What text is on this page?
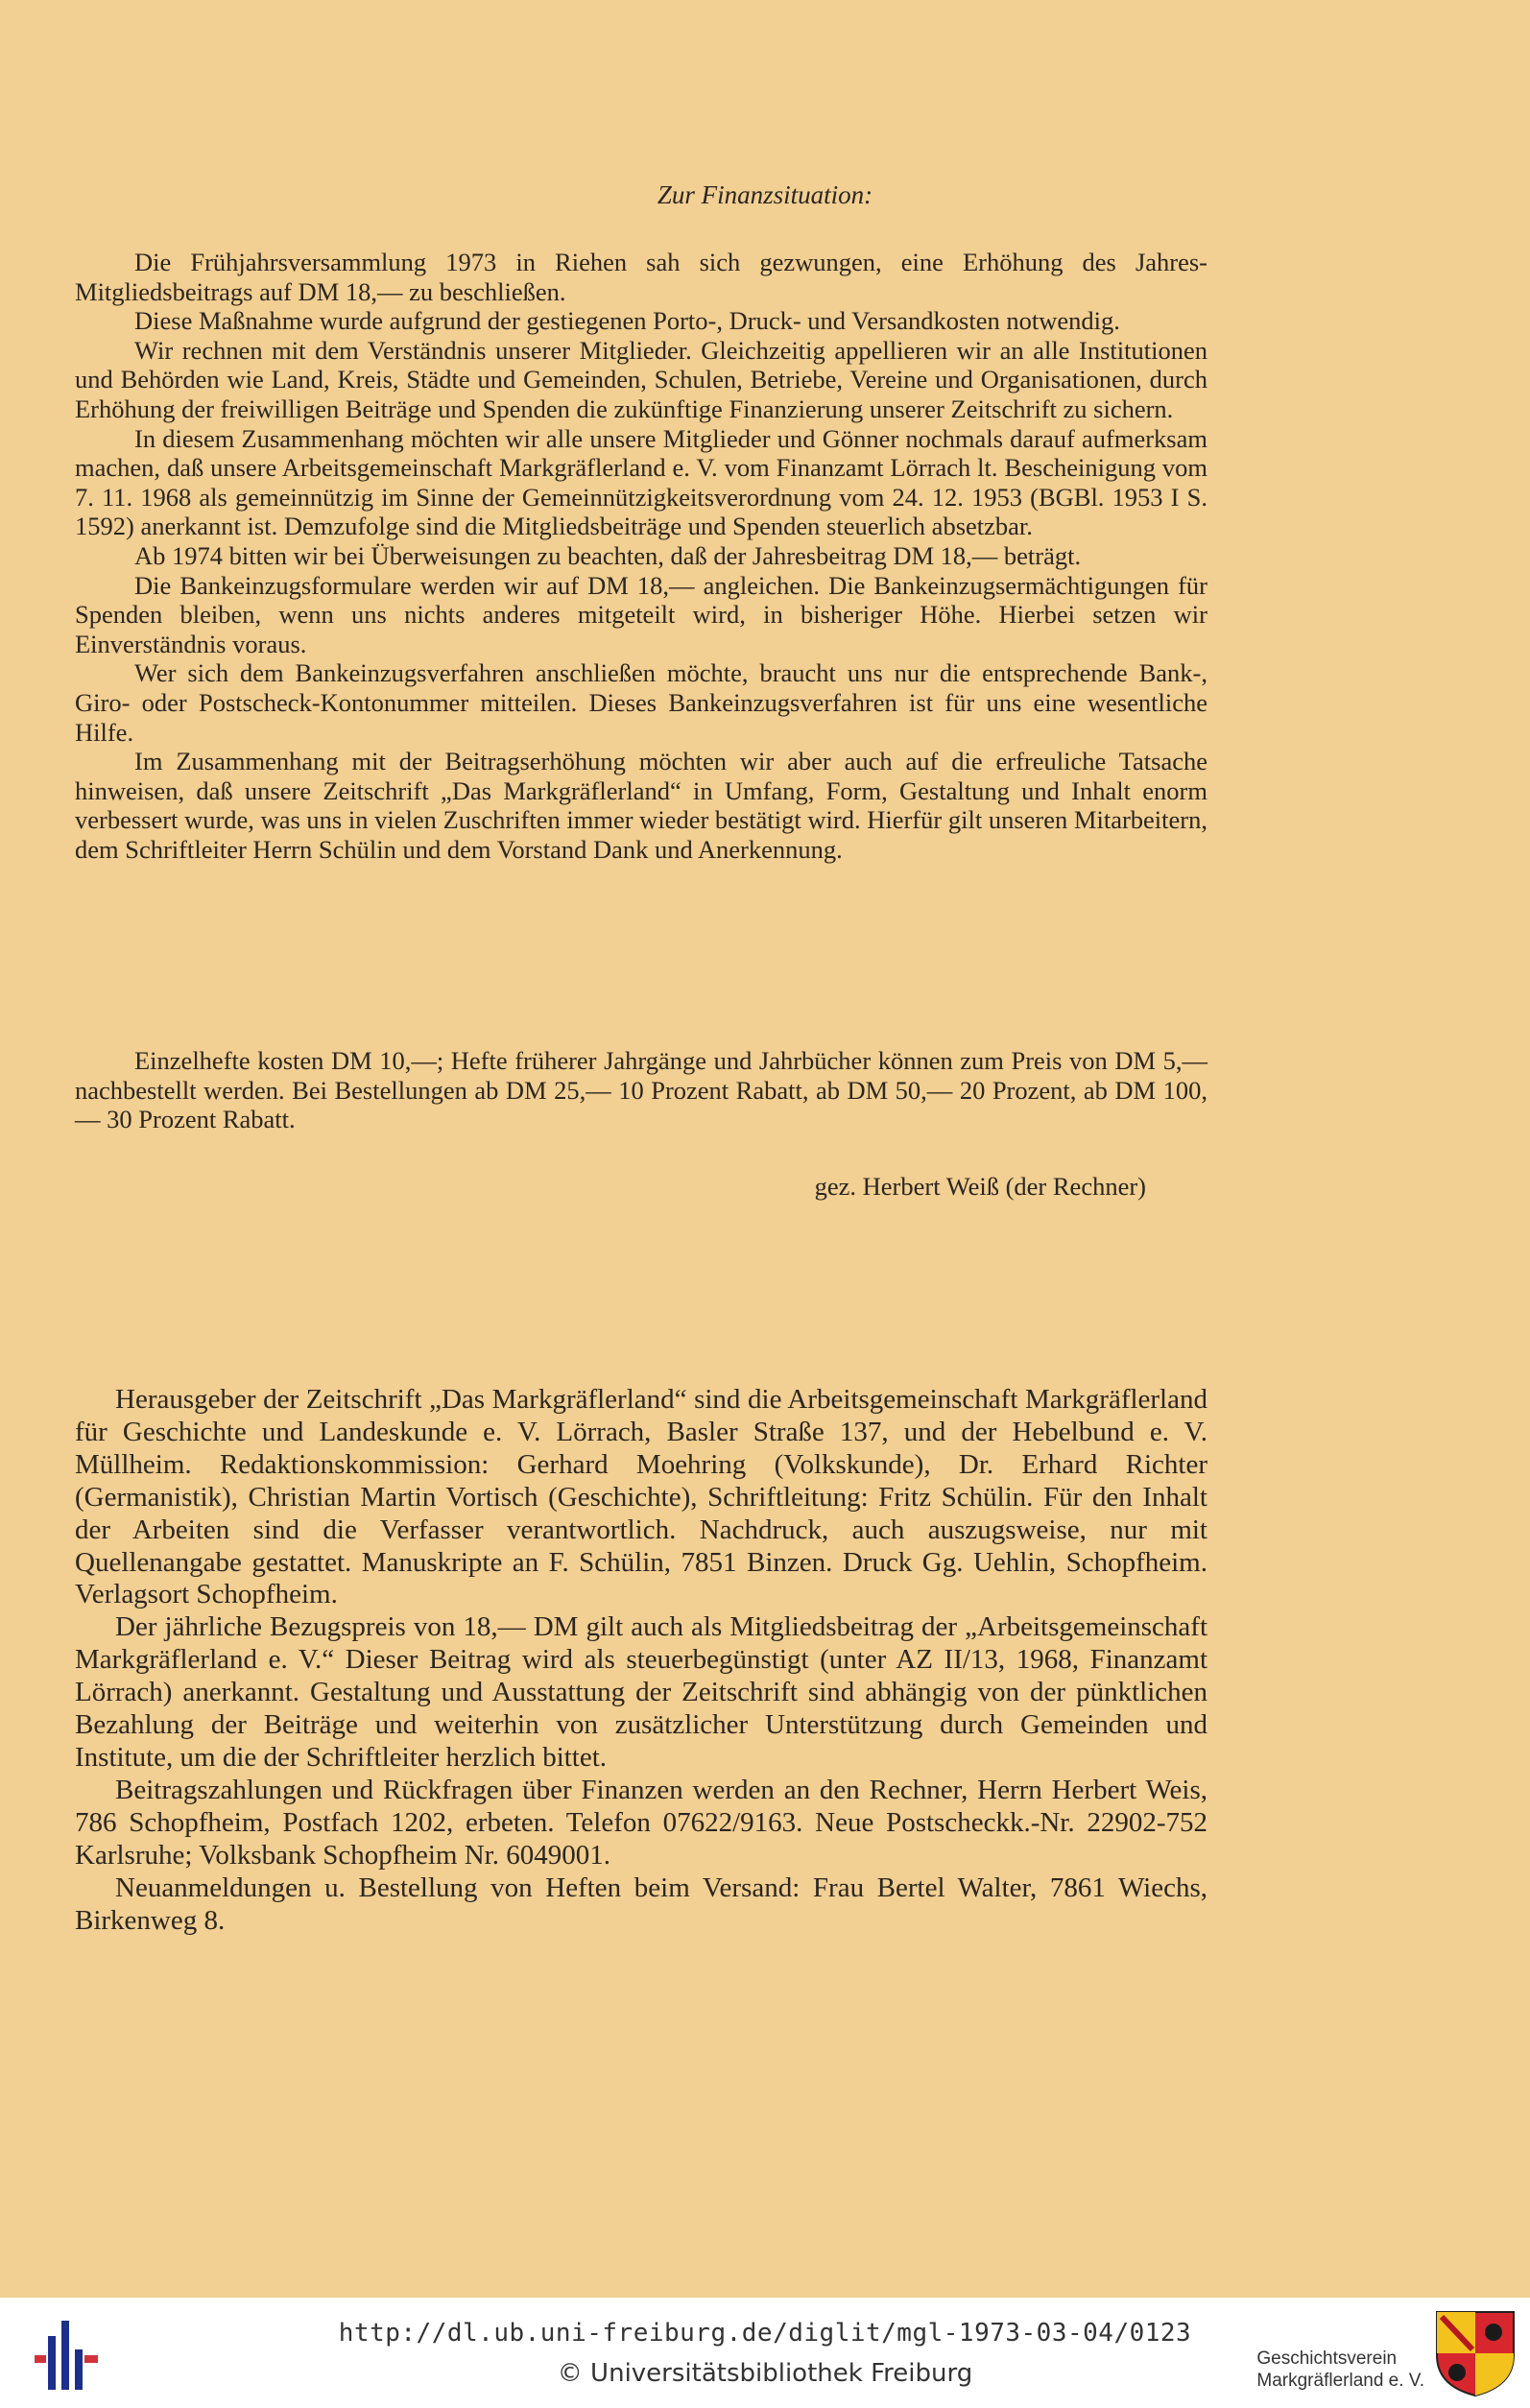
Zur Finanzsituation:

Die Frühjahrsversammlung 1973 in Riehen sah sich gezwungen, eine Erhöhung des Jahres-Mitgliedsbeitrags auf DM 18,— zu beschließen.

Diese Maßnahme wurde aufgrund der gestiegenen Porto-, Druck- und Versandkosten notwendig.

Wir rechnen mit dem Verständnis unserer Mitglieder. Gleichzeitig appellieren wir an alle Institutionen und Behörden wie Land, Kreis, Städte und Gemeinden, Schulen, Betriebe, Vereine und Organisationen, durch Erhöhung der freiwilligen Beiträge und Spenden die zukünftige Finanzierung unserer Zeitschrift zu sichern.

In diesem Zusammenhang möchten wir alle unsere Mitglieder und Gönner nochmals darauf aufmerksam machen, daß unsere Arbeitsgemeinschaft Markgräflerland e. V. vom Finanzamt Lörrach lt. Bescheinigung vom 7. 11. 1968 als gemeinnützig im Sinne der Gemeinnützigkeitsverordnung vom 24. 12. 1953 (BGBl. 1953 I S. 1592) anerkannt ist. Demzufolge sind die Mitgliedsbeiträge und Spenden steuerlich absetzbar.

Ab 1974 bitten wir bei Überweisungen zu beachten, daß der Jahresbeitrag DM 18,— beträgt.

Die Bankeinzugsformulare werden wir auf DM 18,— angleichen. Die Bankeinzugsermächtigungen für Spenden bleiben, wenn uns nichts anderes mitgeteilt wird, in bisheriger Höhe. Hierbei setzen wir Einverständnis voraus.

Wer sich dem Bankeinzugsverfahren anschließen möchte, braucht uns nur die entsprechende Bank-, Giro- oder Postscheck-Kontonummer mitteilen. Dieses Bankeinzugsverfahren ist für uns eine wesentliche Hilfe.

Im Zusammenhang mit der Beitragserhöhung möchten wir aber auch auf die erfreuliche Tatsache hinweisen, daß unsere Zeitschrift „Das Markgräflerland“ in Umfang, Form, Gestaltung und Inhalt enorm verbessert wurde, was uns in vielen Zuschriften immer wieder bestätigt wird. Hierfür gilt unseren Mitarbeitern, dem Schriftleiter Herrn Schülin und dem Vorstand Dank und Anerkennung.

Einzelhefte kosten DM 10,—; Hefte früherer Jahrgänge und Jahrbücher können zum Preis von DM 5,— nachbestellt werden. Bei Bestellungen ab DM 25,— 10 Prozent Rabatt, ab DM 50,— 20 Prozent, ab DM 100,— 30 Prozent Rabatt.

gez. Herbert Weiß (der Rechner)

Herausgeber der Zeitschrift „Das Markgräflerland“ sind die Arbeitsgemeinschaft Markgräflerland für Geschichte und Landeskunde e. V. Lörrach, Basler Straße 137, und der Hebelbund e. V. Müllheim. Redaktionskommission: Gerhard Moehring (Volkskunde), Dr. Erhard Richter (Germanistik), Christian Martin Vortisch (Geschichte), Schriftleitung: Fritz Schülin. Für den Inhalt der Arbeiten sind die Verfasser verantwortlich. Nachdruck, auch auszugsweise, nur mit Quellenangabe gestattet. Manuskripte an F. Schülin, 7851 Binzen. Druck Gg. Uehlin, Schopfheim. Verlagsort Schopfheim.

Der jährliche Bezugspreis von 18,— DM gilt auch als Mitgliedsbeitrag der „Arbeitsgemeinschaft Markgräflerland e. V.“ Dieser Beitrag wird als steuerbegünstigt (unter AZ II/13, 1968, Finanzamt Lörrach) anerkannt. Gestaltung und Ausstattung der Zeitschrift sind abhängig von der pünktlichen Bezahlung der Beiträge und weiterhin von zusätzlicher Unterstützung durch Gemeinden und Institute, um die der Schriftleiter herzlich bittet.

Beitragszahlungen und Rückfragen über Finanzen werden an den Rechner, Herrn Herbert Weis, 786 Schopfheim, Postfach 1202, erbeten. Telefon 07622/9163. Neue Postscheckk.-Nr. 22902-752 Karlsruhe; Volksbank Schopfheim Nr. 6049001.

Neuanmeldungen u. Bestellung von Heften beim Versand: Frau Bertel Walter, 7861 Wiechs, Birkenweg 8.

http://dl.ub.uni-freiburg.de/diglit/mgl-1973-03-04/0123
© Universitätsbibliothek Freiburg
Geschichtsverein
Markgräflerland e. V.
